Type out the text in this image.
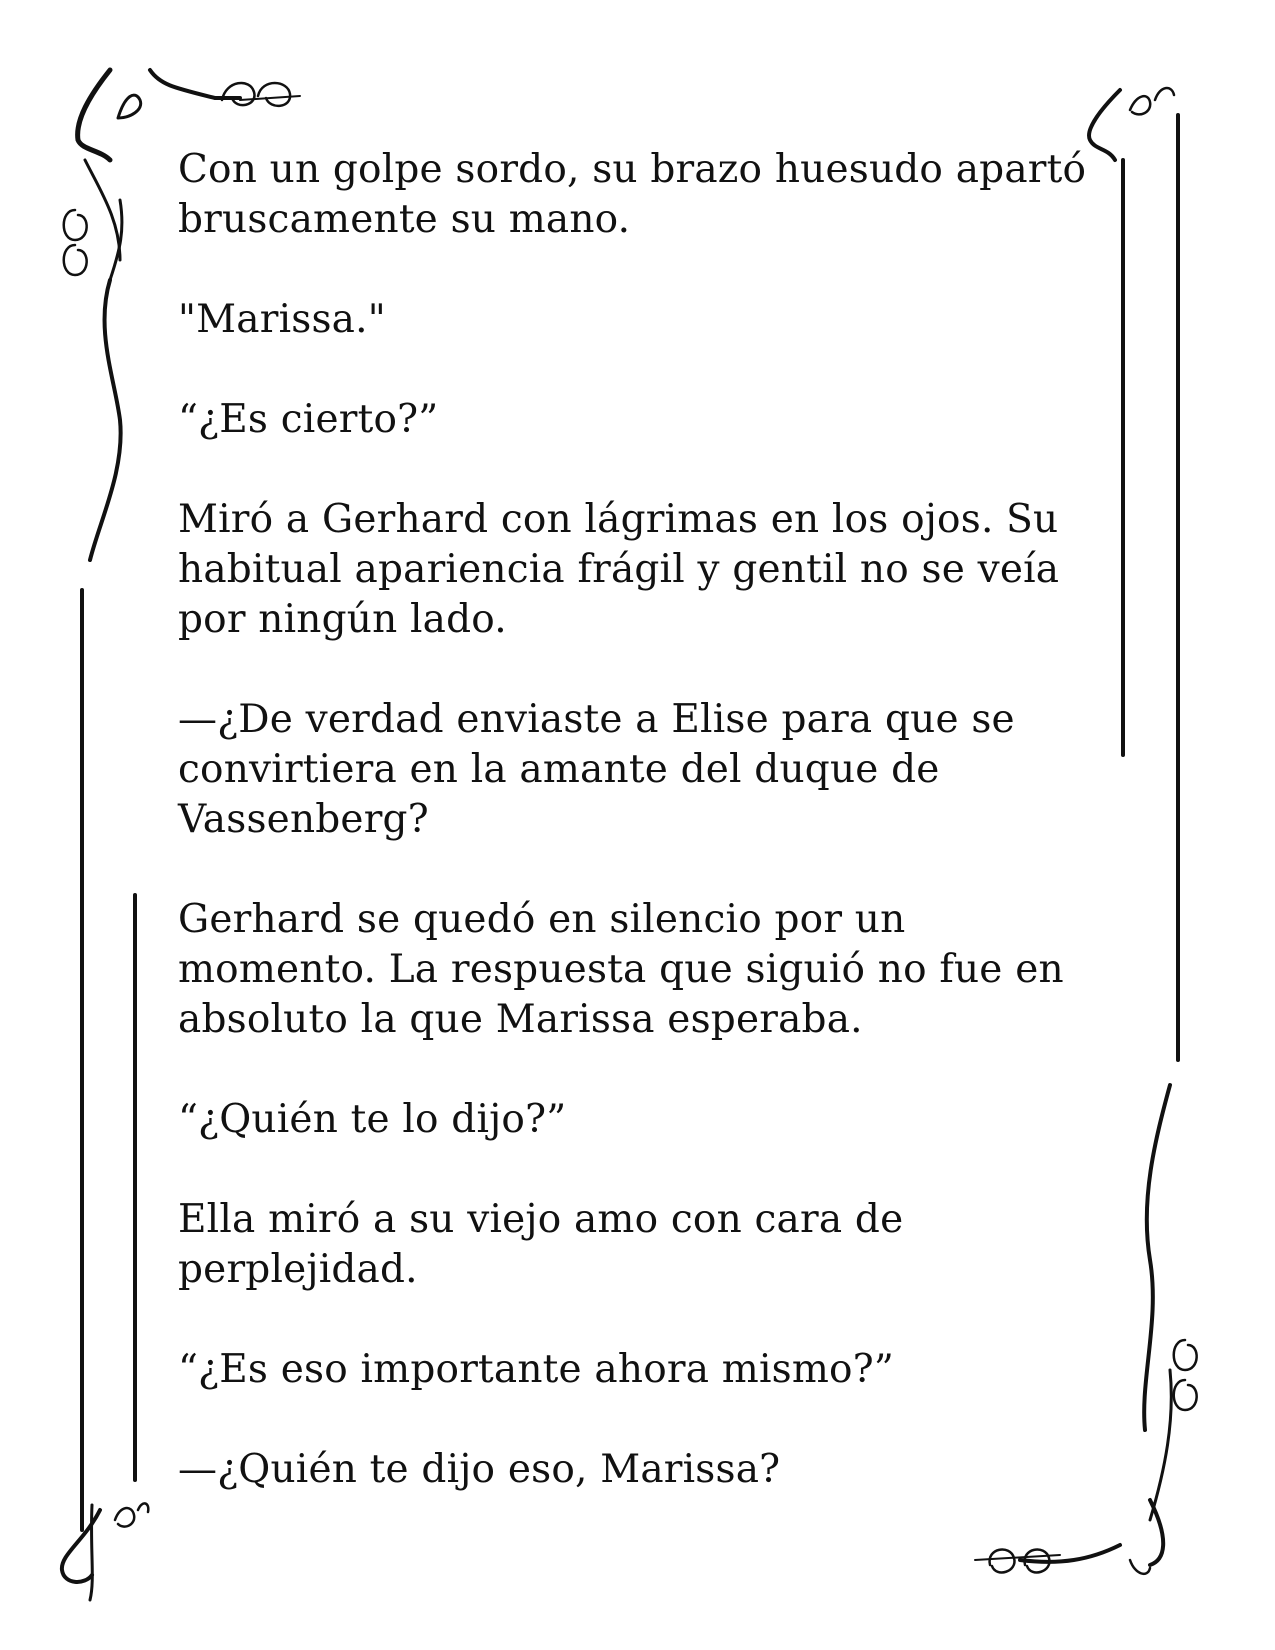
Con un golpe sordo, su brazo huesudo apartó bruscamente su mano.

"Marissa."

“¿Es cierto?”

Miró a Gerhard con lágrimas en los ojos. Su habitual apariencia frágil y gentil no se veía por ningún lado.

—¿De verdad enviaste a Elise para que se convirtiera en la amante del duque de Vassenberg?

Gerhard se quedó en silencio por un momento. La respuesta que siguió no fue en absoluto la que Marissa esperaba.

“¿Quién te lo dijo?”

Ella miró a su viejo amo con cara de perplejidad.

“¿Es eso importante ahora mismo?”

—¿Quién te dijo eso, Marissa?
